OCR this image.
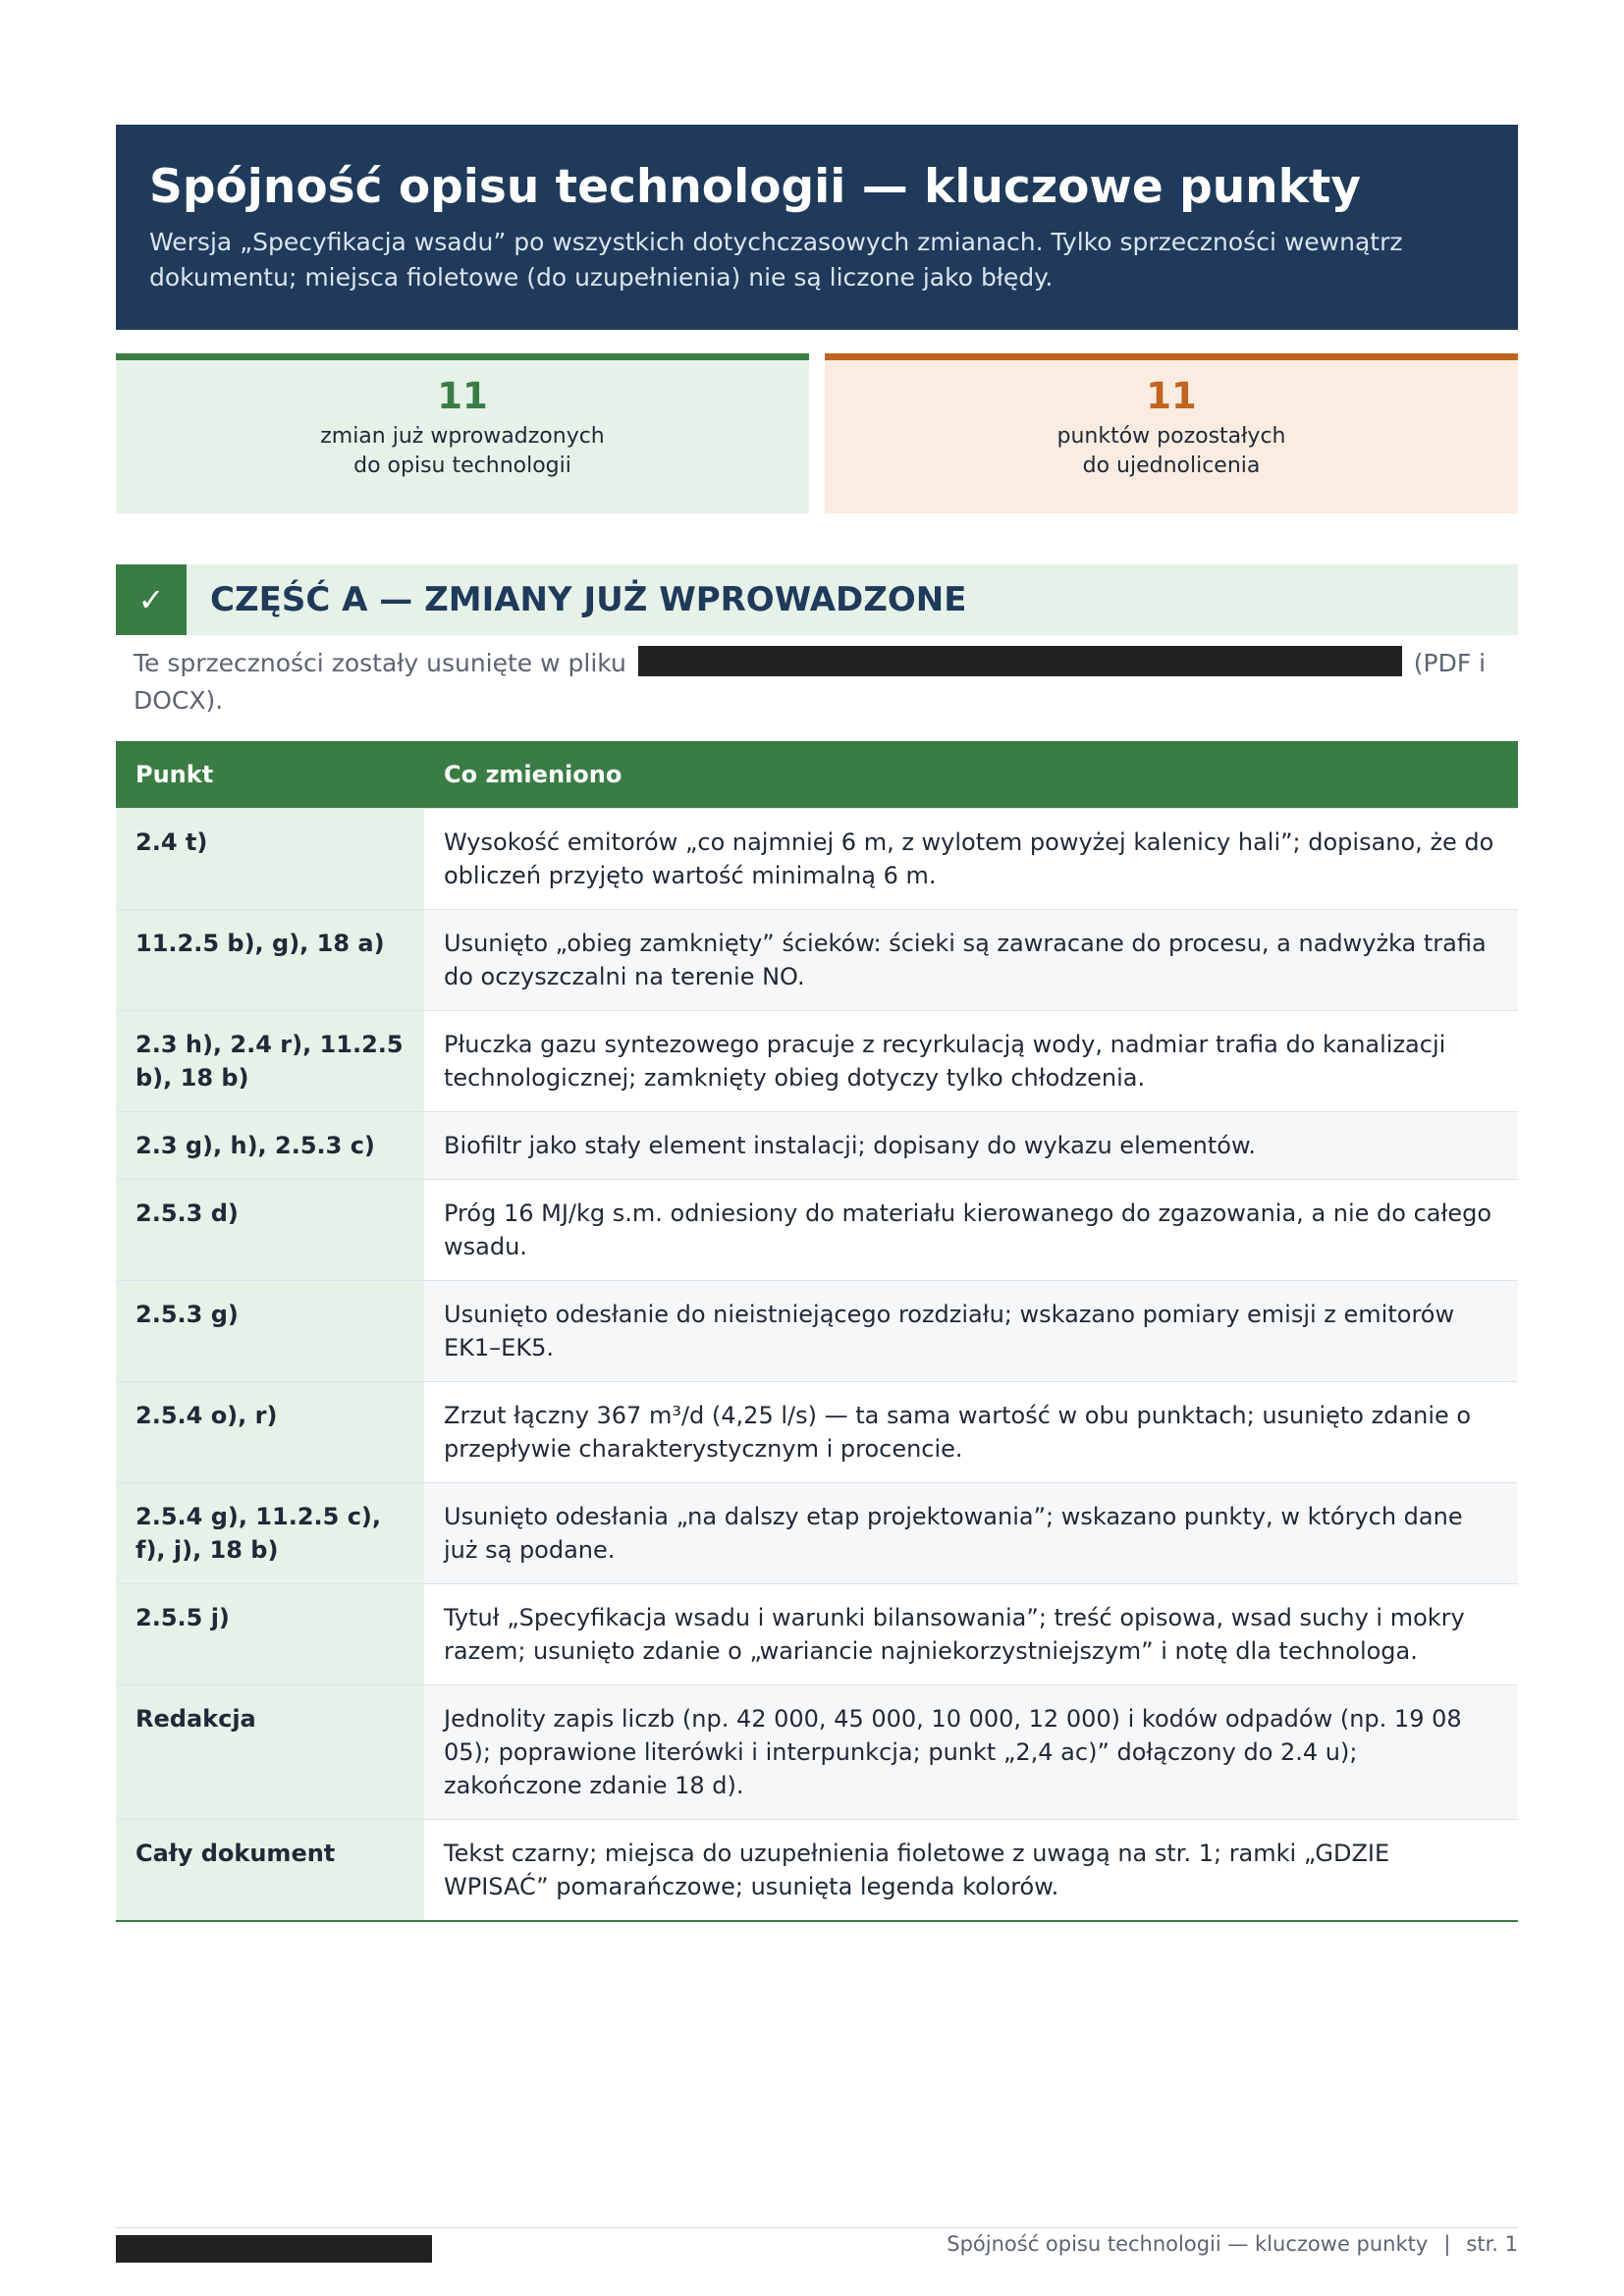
Spójność opisu technologii — kluczowe punkty

Wersja „Specyfikacja wsadu” po wszystkich dotychczasowych zmianach. Tylko sprzeczności wewnątrz dokumentu; miejsca fioletowe (do uzupełnienia) nie są liczone jako błędy.

11
zmian już wprowadzonych
do opisu technologii
11
punktów pozostałych
do ujednolicenia
✓	CZĘŚĆ A — ZMIANY JUŻ WPROWADZONE
Te sprzeczności zostały usunięte w pliku	(PDF i DOCX).
Punkt	Co zmieniono
2.4 t)	Wysokość emitorów „co najmniej 6 m, z wylotem powyżej kalenicy hali”; dopisano, że do obliczeń przyjęto wartość minimalną 6 m.
11.2.5 b), g), 18 a)	Usunięto „obieg zamknięty” ścieków: ścieki są zawracane do procesu, a nadwyżka trafia do oczyszczalni na terenie NO.
2.3 h), 2.4 r), 11.2.5 b), 18 b)	Płuczka gazu syntezowego pracuje z recyrkulacją wody, nadmiar trafia do kanalizacji technologicznej; zamknięty obieg dotyczy tylko chłodzenia.
2.3 g), h), 2.5.3 c)	Biofiltr jako stały element instalacji; dopisany do wykazu elementów.
2.5.3 d)	Próg 16 MJ/kg s.m. odniesiony do materiału kierowanego do zgazowania, a nie do całego wsadu.
2.5.3 g)	Usunięto odesłanie do nieistniejącego rozdziału; wskazano pomiary emisji z emitorów EK1–EK5.
2.5.4 o), r)	Zrzut łączny 367 m³/d (4,25 l/s) — ta sama wartość w obu punktach; usunięto zdanie o przepływie charakterystycznym i procencie.
2.5.4 g), 11.2.5 c), f), j), 18 b)	Usunięto odesłania „na dalszy etap projektowania”; wskazano punkty, w których dane już są podane.
2.5.5 j)	Tytuł „Specyfikacja wsadu i warunki bilansowania”; treść opisowa, wsad suchy i mokry razem; usunięto zdanie o „wariancie najniekorzystniejszym” i notę dla technologa.
Redakcja	Jednolity zapis liczb (np. 42 000, 45 000, 10 000, 12 000) i kodów odpadów (np. 19 08 05); poprawione literówki i interpunkcja; punkt „2,4 ac)” dołączony do 2.4 u); zakończone zdanie 18 d).
Cały dokument	Tekst czarny; miejsca do uzupełnienia fioletowe z uwagą na str. 1; ramki „GDZIE WPISAĆ” pomarańczowe; usunięta legenda kolorów.
Spójność opisu technologii — kluczowe punkty | str. 1
